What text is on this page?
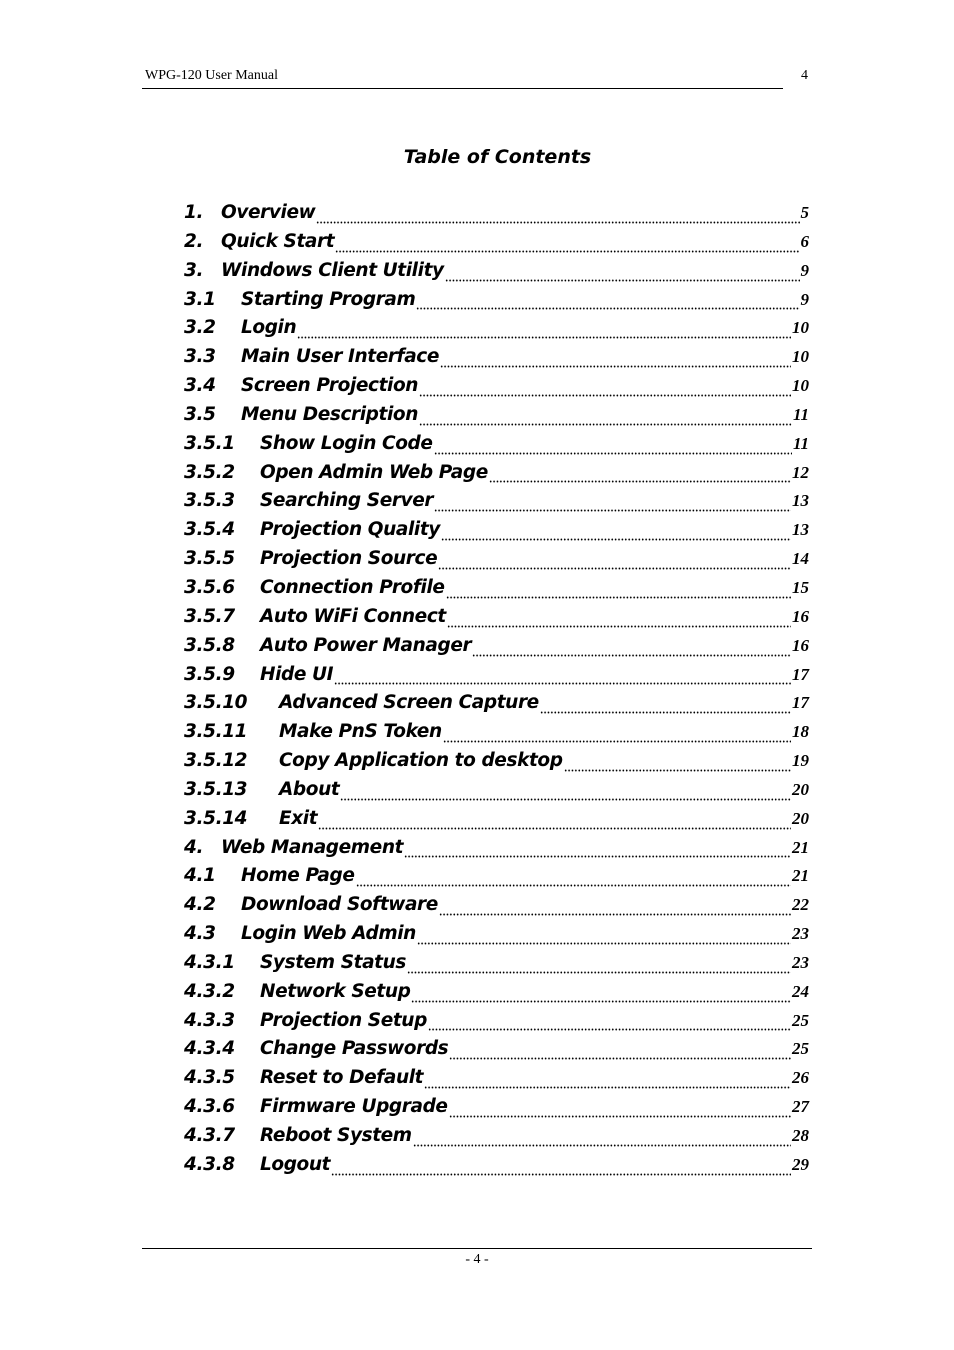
WPG-120 User Manual	4
Table of Contents
1. Overview	5
2. Quick Start	6
3. Windows Client Utility	9
3.1	Starting Program	9
3.2	Login	10
3.3	Main User Interface	10
3.4	Screen Projection	10
3.5	Menu Description	11
3.5.1	Show Login Code	11
3.5.2	Open Admin Web Page	12
3.5.3	Searching Server	13
3.5.4	Projection Quality	13
3.5.5	Projection Source	14
3.5.6	Connection Profile	15
3.5.7	Auto WiFi Connect	16
3.5.8	Auto Power Manager	16
3.5.9	Hide UI	17
3.5.10	Advanced Screen Capture	17
3.5.11	Make PnS Token	18
3.5.12	Copy Application to desktop	19
3.5.13	About	20
3.5.14	Exit	20
4. Web Management	21
4.1	Home Page	21
4.2	Download Software	22
4.3	Login Web Admin	23
4.3.1	System Status	23
4.3.2	Network Setup	24
4.3.3	Projection Setup	25
4.3.4	Change Passwords	25
4.3.5	Reset to Default	26
4.3.6	Firmware Upgrade	27
4.3.7	Reboot System	28
4.3.8	Logout	29
- 4 -
